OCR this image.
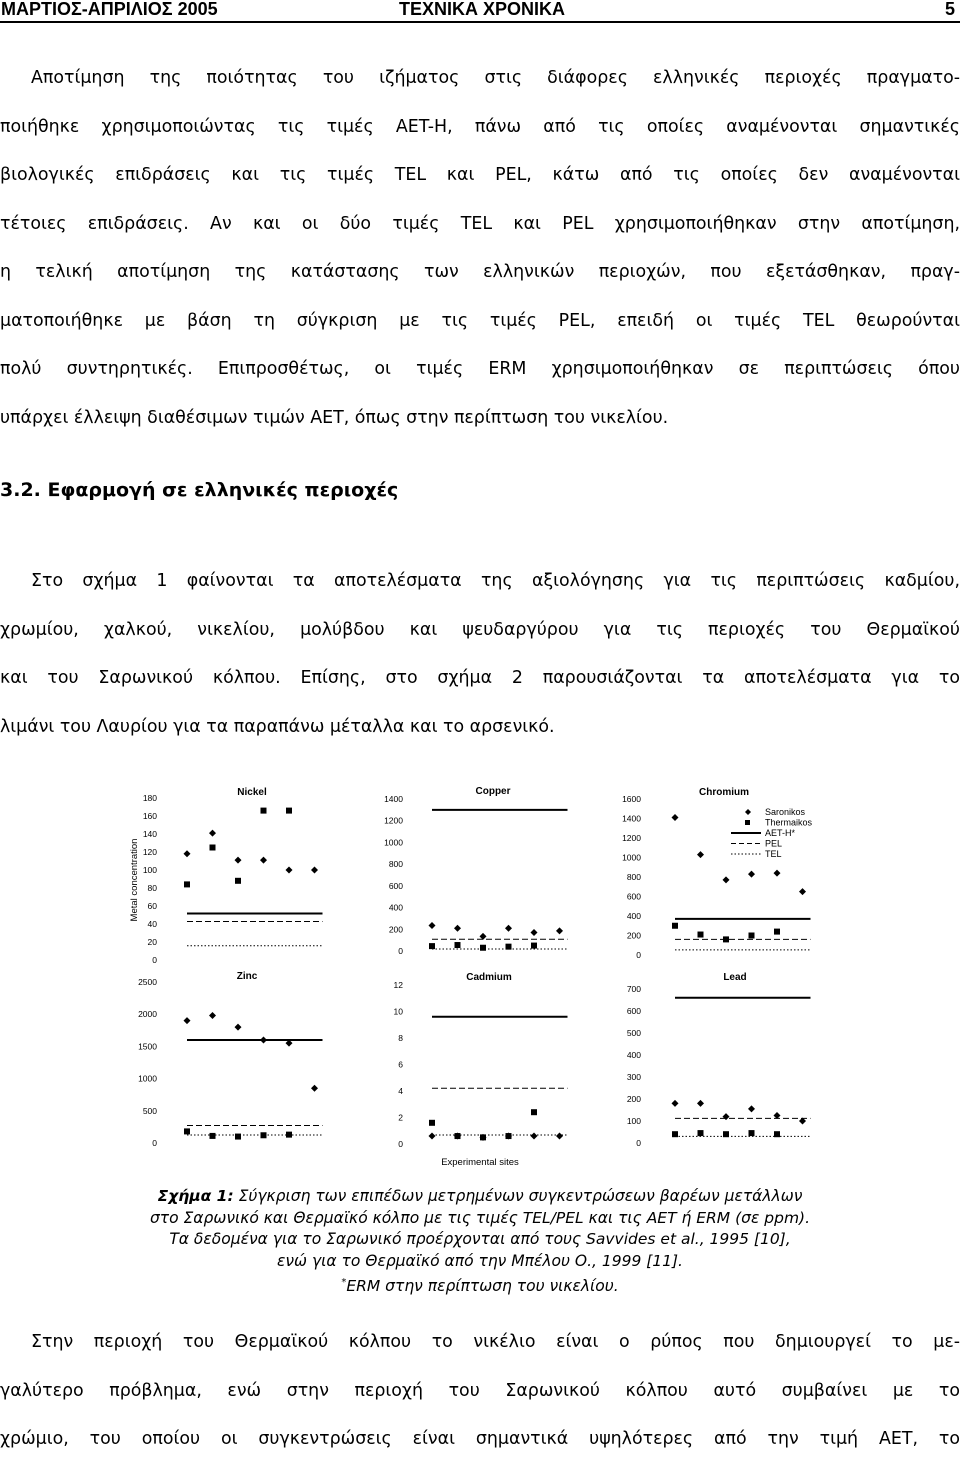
ΜΑΡΤΙΟΣ-ΑΠΡΙΛΙΟΣ 2005	ΤΕΧΝΙΚΑ ΧΡΟΝΙΚΑ	5
Αποτίμηση της ποιότητας του ιζήματος στις διάφορες ελληνικές περιοχές πραγματο-
ποιήθηκε χρησιμοποιώντας τις τιμές AET-H, πάνω από τις οποίες αναμένονται σημαντικές
βιολογικές επιδράσεις και τις τιμές TEL και PEL, κάτω από τις οποίες δεν αναμένονται
τέτοιες επιδράσεις. Αν και οι δύο τιμές TEL και PEL χρησιμοποιήθηκαν στην αποτίμηση,
η τελική αποτίμηση της κατάστασης των ελληνικών περιοχών, που εξετάσθηκαν, πραγ-
ματοποιήθηκε με βάση τη σύγκριση με τις τιμές PEL, επειδή οι τιμές TEL θεωρούνται
πολύ συντηρητικές. Επιπροσθέτως, οι τιμές ERM χρησιμοποιήθηκαν σε περιπτώσεις όπου
υπάρχει έλλειψη διαθέσιμων τιμών AET, όπως στην περίπτωση του νικελίου.
3.2. Εφαρμογή σε ελληνικές περιοχές
Στο σχήμα 1 φαίνονται τα αποτελέσματα της αξιολόγησης για τις περιπτώσεις καδμίου,
χρωμίου, χαλκού, νικελίου, μολύβδου και ψευδαργύρου για τις περιοχές του Θερμαϊκού
και του Σαρωνικού κόλπου. Επίσης, στο σχήμα 2 παρουσιάζονται τα αποτελέσματα για το
λιμάνι του Λαυρίου για τα παραπάνω μέταλλα και το αρσενικό.
Metal concentration
Experimental sites
Saronikos
Thermaikos
AET-H*
PEL
TEL
Nickel
180
160
140
120
100
80
60
40
20
0
Copper
1400
1200
1000
800
600
400
200
0
Chromium
1600
1400
1200
1000
800
600
400
200
0
Zinc
2500
2000
1500
1000
500
0
Cadmium
12
10
8
6
4
2
0
Lead
700
600
500
400
300
200
100
0
Σχήμα 1: Σύγκριση των επιπέδων μετρημένων συγκεντρώσεων βαρέων μετάλλων
στο Σαρωνικό και Θερμαϊκό κόλπο με τις τιμές TEL/PEL και τις AET ή ERM (σε ppm).
Τα δεδομένα για το Σαρωνικό προέρχονται από τους Savvides et al., 1995 [10],
ενώ για το Θερμαϊκό από την Μπέλου Ο., 1999 [11].
*ERM στην περίπτωση του νικελίου.
Στην περιοχή του Θερμαϊκού κόλπου το νικέλιο είναι ο ρύπος που δημιουργεί το με-
γαλύτερο πρόβλημα, ενώ στην περιοχή του Σαρωνικού κόλπου αυτό συμβαίνει με το
χρώμιο, του οποίου οι συγκεντρώσεις είναι σημαντικά υψηλότερες από την τιμή AET, το
